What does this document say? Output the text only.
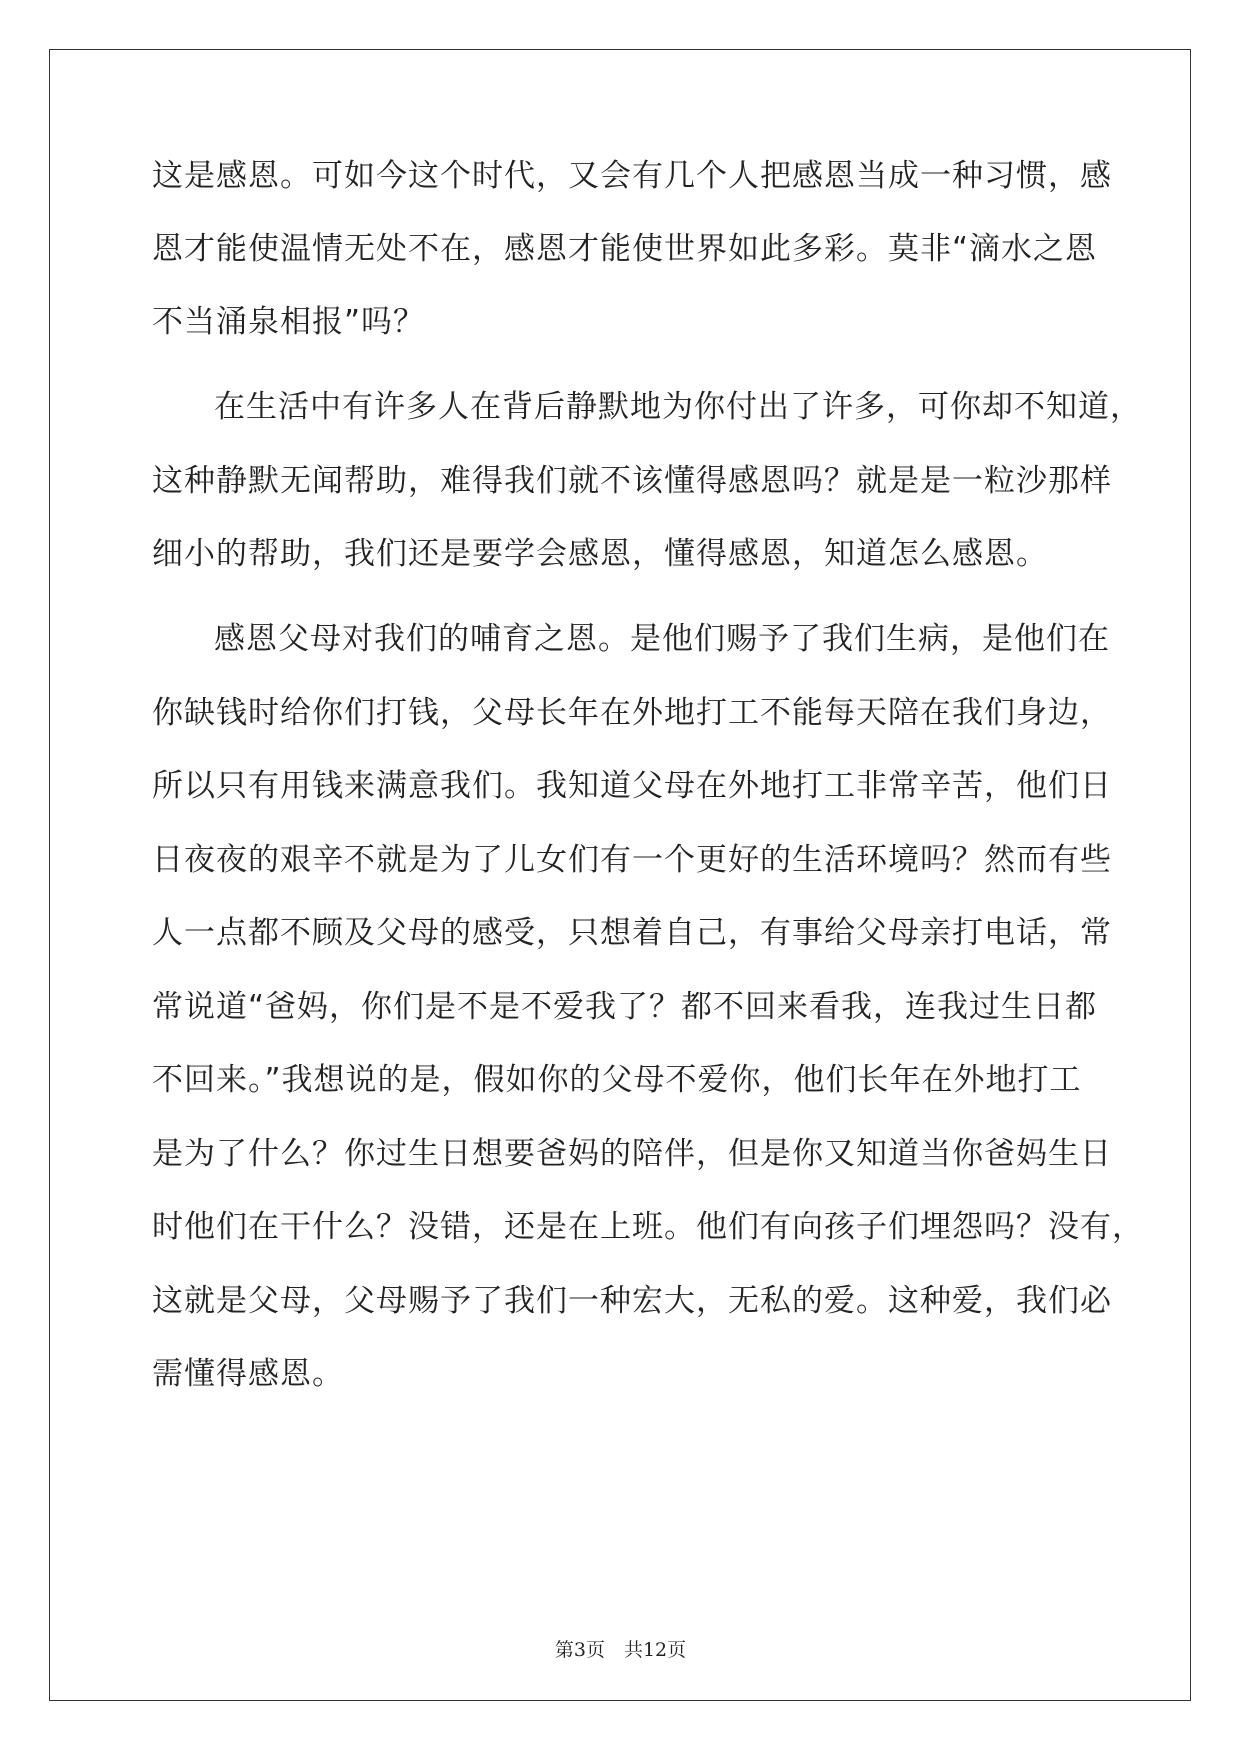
这是感恩。可如今这个时代，又会有几个人把感恩当成一种习惯，感
恩才能使温情无处不在，感恩才能使世界如此多彩。莫非“滴水之恩
不当涌泉相报”吗？
在生活中有许多人在背后静默地为你付出了许多，可你却不知道，
这种静默无闻帮助，难得我们就不该懂得感恩吗？就是是一粒沙那样
细小的帮助，我们还是要学会感恩，懂得感恩，知道怎么感恩。
感恩父母对我们的哺育之恩。是他们赐予了我们生病，是他们在
你缺钱时给你们打钱，父母长年在外地打工不能每天陪在我们身边，
所以只有用钱来满意我们。我知道父母在外地打工非常辛苦，他们日
日夜夜的艰辛不就是为了儿女们有一个更好的生活环境吗？然而有些
人一点都不顾及父母的感受，只想着自己，有事给父母亲打电话，常
常说道“爸妈，你们是不是不爱我了？都不回来看我，连我过生日都
不回来。”我想说的是，假如你的父母不爱你，他们长年在外地打工
是为了什么？你过生日想要爸妈的陪伴，但是你又知道当你爸妈生日
时他们在干什么？没错，还是在上班。他们有向孩子们埋怨吗？没有，
这就是父母，父母赐予了我们一种宏大，无私的爱。这种爱，我们必
需懂得感恩。
第3页　共12页
